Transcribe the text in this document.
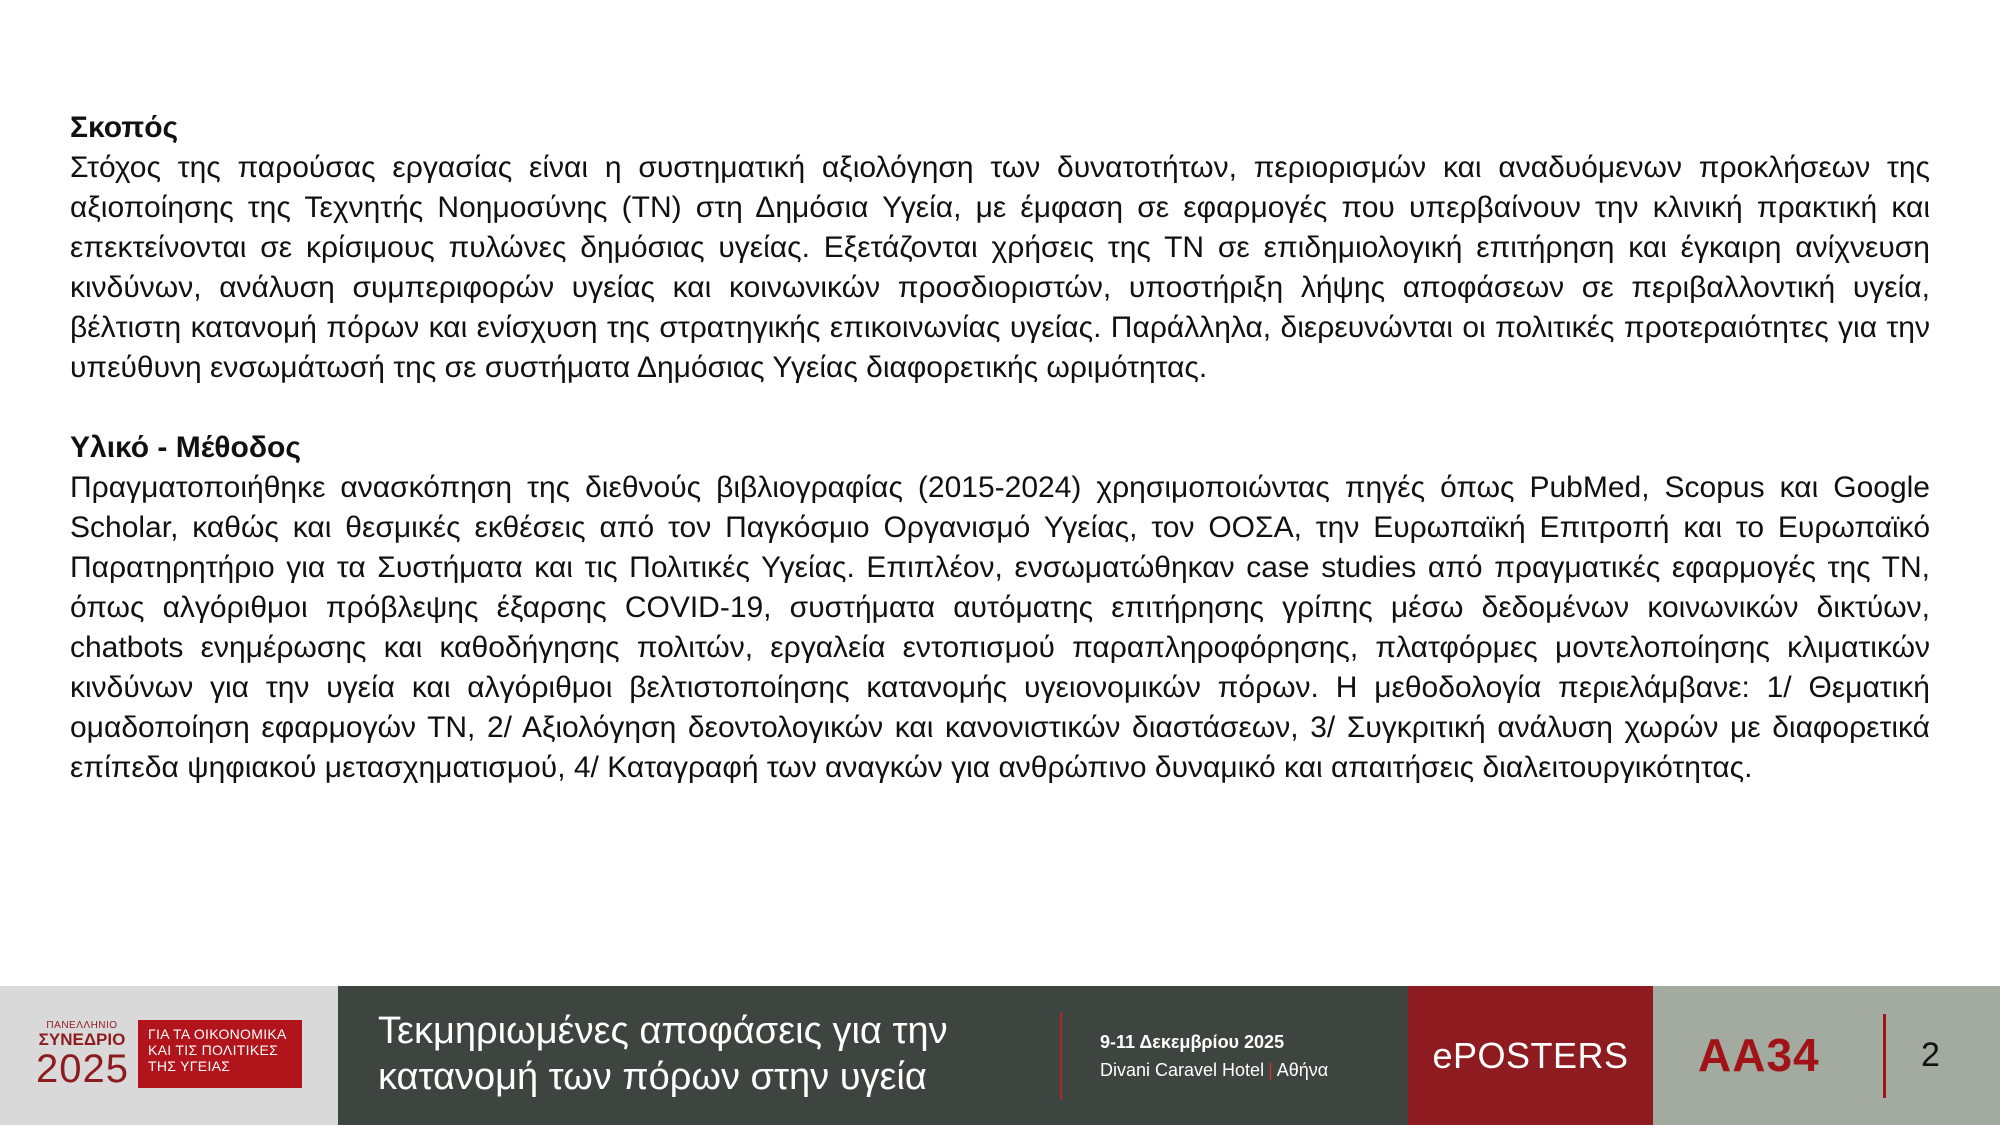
Σκοπός

Στόχος της παρούσας εργασίας είναι η συστηματική αξιολόγηση των δυνατοτήτων, περιορισμών και αναδυόμενων προκλήσεων της αξιοποίησης της Τεχνητής Νοημοσύνης (ΤΝ) στη Δημόσια Υγεία, με έμφαση σε εφαρμογές που υπερβαίνουν την κλινική πρακτική και επεκτείνονται σε κρίσιμους πυλώνες δημόσιας υγείας. Εξετάζονται χρήσεις της ΤΝ σε επιδημιολογική επιτήρηση και έγκαιρη ανίχνευση κινδύνων, ανάλυση συμπεριφορών υγείας και κοινωνικών προσδιοριστών, υποστήριξη λήψης αποφάσεων σε περιβαλλοντική υγεία, βέλτιστη κατανομή πόρων και ενίσχυση της στρατηγικής επικοινωνίας υγείας. Παράλληλα, διερευνώνται οι πολιτικές προτεραιότητες για την υπεύθυνη ενσωμάτωσή της σε συστήματα Δημόσιας Υγείας διαφορετικής ωριμότητας.

Υλικό - Μέθοδος

Πραγματοποιήθηκε ανασκόπηση της διεθνούς βιβλιογραφίας (2015-2024) χρησιμοποιώντας πηγές όπως PubMed, Scopus και Google Scholar, καθώς και θεσμικές εκθέσεις από τον Παγκόσμιο Οργανισμό Υγείας, τον ΟΟΣΑ, την Ευρωπαϊκή Επιτροπή και το Ευρωπαϊκό Παρατηρητήριο για τα Συστήματα και τις Πολιτικές Υγείας. Επιπλέον, ενσωματώθηκαν case studies από πραγματικές εφαρμογές της ΤΝ, όπως αλγόριθμοι πρόβλεψης έξαρσης COVID-19, συστήματα αυτόματης επιτήρησης γρίπης μέσω δεδομένων κοινωνικών δικτύων, chatbots ενημέρωσης και καθοδήγησης πολιτών, εργαλεία εντοπισμού παραπληροφόρησης, πλατφόρμες μοντελοποίησης κλιματικών κινδύνων για την υγεία και αλγόριθμοι βελτιστοποίησης κατανομής υγειονομικών πόρων. Η μεθοδολογία περιελάμβανε: 1/ Θεματική ομαδοποίηση εφαρμογών ΤΝ, 2/ Αξιολόγηση δεοντολογικών και κανονιστικών διαστάσεων, 3/ Συγκριτική ανάλυση χωρών με διαφορετικά επίπεδα ψηφιακού μετασχηματισμού, 4/ Καταγραφή των αναγκών για ανθρώπινο δυναμικό και απαιτήσεις διαλειτουργικότητας.

ΠΑΝΕΛΛΗΝΙΟ
ΣΥΝΕΔΡΙΟ
2025
ΓΙΑ ΤΑ ΟΙΚΟΝΟΜΙΚΑ
ΚΑΙ ΤΙΣ ΠΟΛΙΤΙΚΕΣ
ΤΗΣ ΥΓΕΙΑΣ
Τεκμηριωμένες αποφάσεις για την
κατανομή των πόρων στην υγεία
9-11 Δεκεμβρίου 2025
Divani Caravel Hotel | Αθήνα	ePOSTERS	AA34	2
